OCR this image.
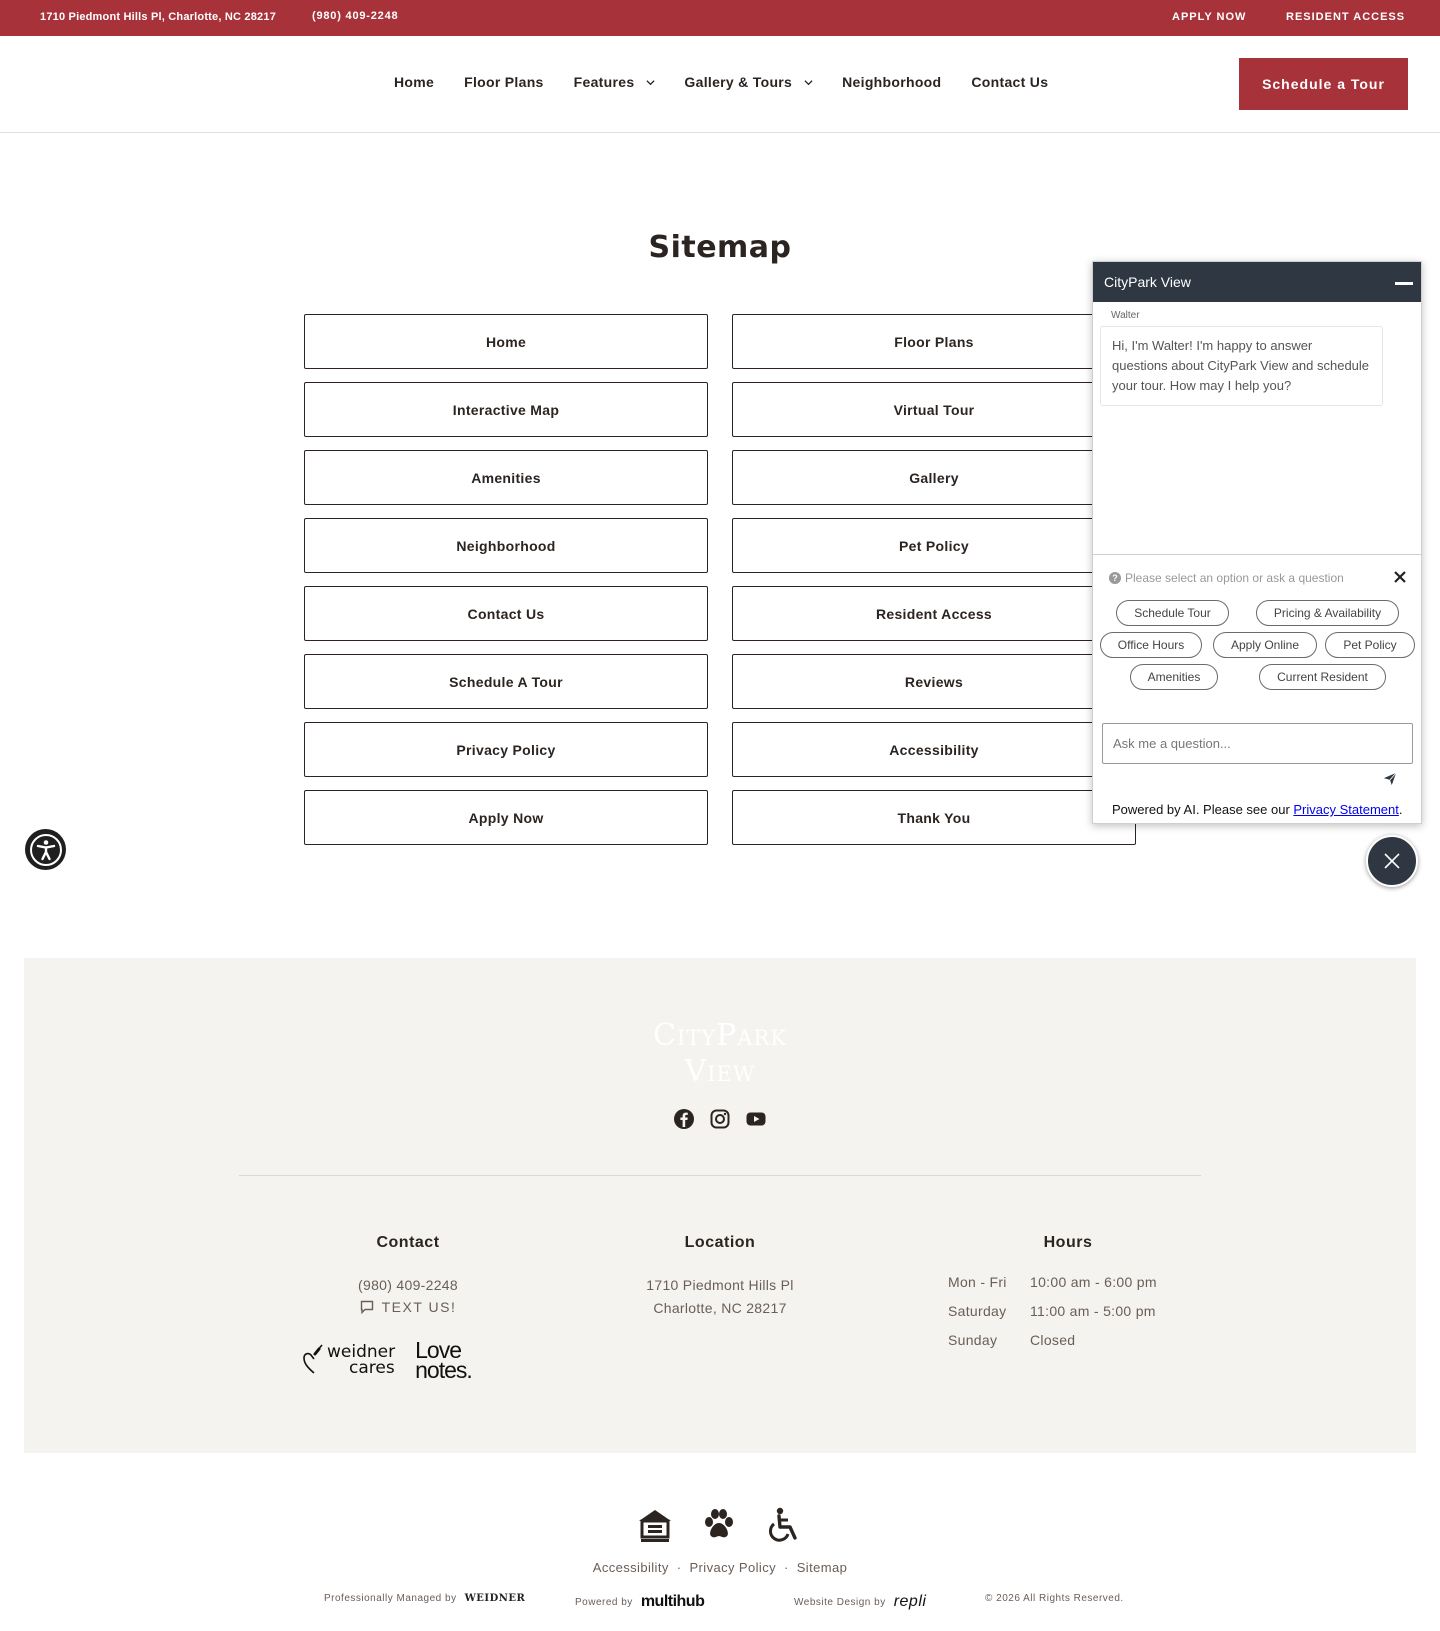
1710 Piedmont Hills Pl, Charlotte, NC 28217	(980) 409-2248	APPLY NOW	RESIDENT ACCESS
Home Floor Plans Features	Gallery & Tours	Neighborhood Contact Us	Schedule a Tour
Sitemap
Home	Floor Plans
Interactive Map	Virtual Tour
Amenities	Gallery
Neighborhood	Pet Policy
Contact Us	Resident Access
Schedule A Tour	Reviews
Privacy Policy	Accessibility
Apply Now	Thank You
CityPark View
Walter
Hi, I'm Walter! I'm happy to answer questions about CityPark View and schedule your tour. How may I help you?
? Please select an option or ask a question
Schedule Tour	Pricing & Availability
Office Hours	Apply Online	Pet Policy
Amenities	Current Resident
Ask me a question...
Powered by AI. Please see our Privacy Statement.
CityPark
View
Contact
(980) 409-2248
TEXT US!
Location
1710 Piedmont Hills Pl
Charlotte, NC 28217
Hours
Mon - Fri	10:00 am - 6:00 pm
Saturday	11:00 am - 5:00 pm
Sunday	Closed
weidner
cares
Love
notes.
Accessibility · Privacy Policy · Sitemap
Professionally Managed by WEIDNER	Powered by multihub	Website Design by repli	© 2026 All Rights Reserved.
